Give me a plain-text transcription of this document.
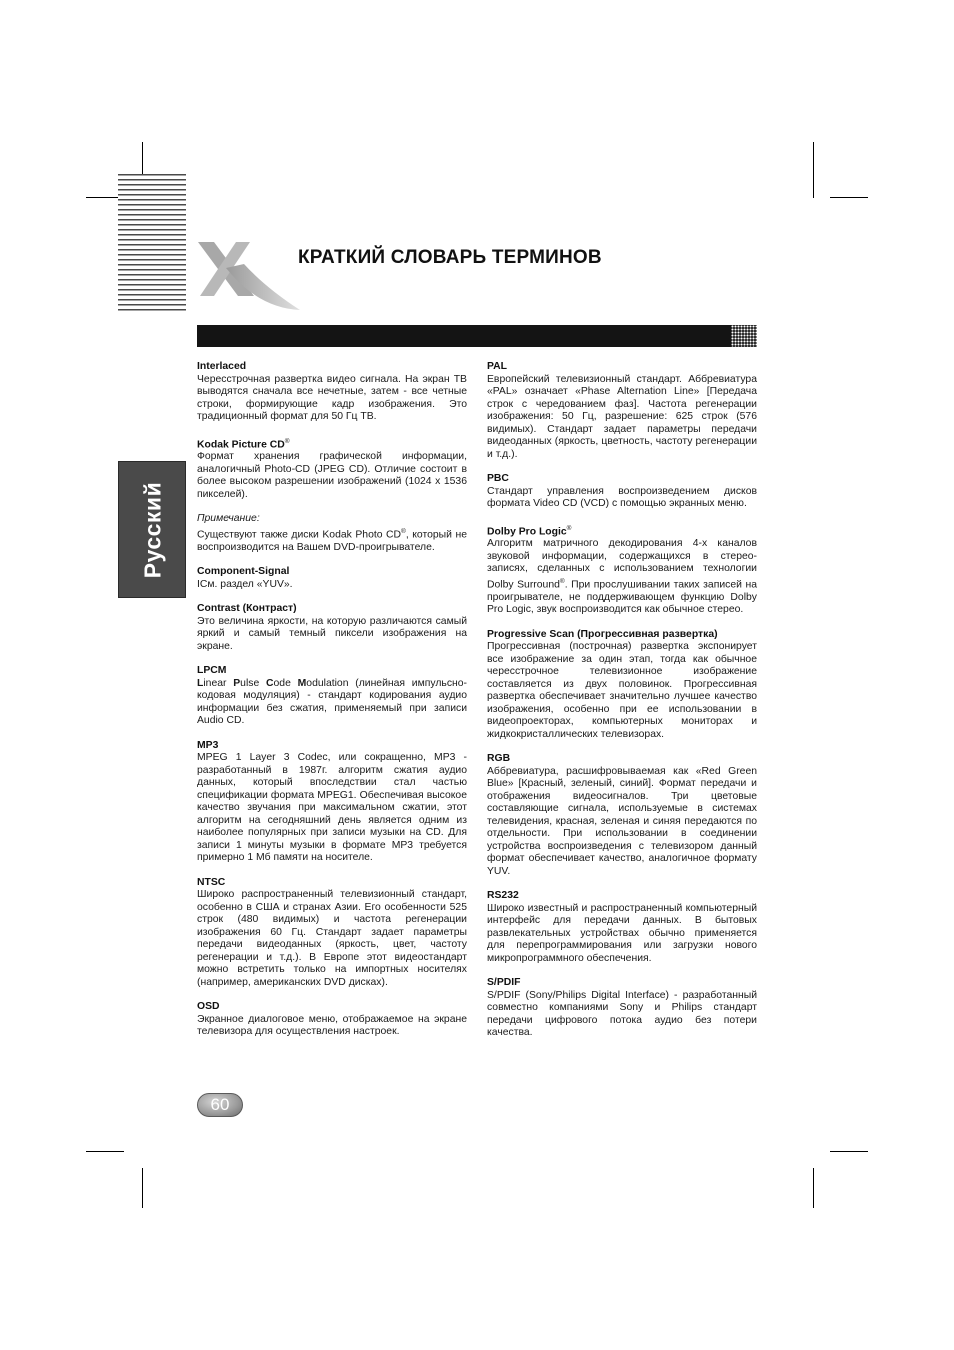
КРАТКИЙ СЛОВАРЬ ТЕРМИНОВ
Русский
Interlaced

Чересстрочная развертка видео сигнала. На экран ТВ выводятся сначала все нечетные, затем - все четные строки, формирующие кадр изображения. Это традиционный формат для 50 Гц ТВ.

Kodak Picture CD®

Формат хранения графической информации, аналогичный Photo-CD (JPEG CD). Отличие состоит в более высоком разрешении изображений (1024 х 1536 пикселей).

Примечание:

Существуют также диски Kodak Photo CD®, который не воспроизводится на Вашем DVD-проигрывателе.

Component-Signal

IСм. раздел «YUV».

Contrast (Контраст)

Это величина яркости, на которую различаются самый яркий и самый темный пиксели изображения на экране.

LPCM

Linear Pulse Code Modulation (линейная импульсно-кодовая модуляция) - стандарт кодирования аудио информации без сжатия, применяемый при записи Audio CD.

MP3

MPEG 1 Layer 3 Codec, или сокращенно, MP3 - разработанный в 1987г. алгоритм сжатия аудио данных, который впоследствии стал частью спецификации формата MPEG1. Обеспечивая высокое качество звучания при максимальном сжатии, этот алгоритм на сегодняшний день является одним из наиболее популярных при записи музыки на CD. Для записи 1 минуты музыки в формате MP3 требуется примерно 1 Мб памяти на носителе.

NTSC

Широко распространенный телевизионный стандарт, особенно в США и странах Азии. Его особенности 525 строк (480 видимых) и частота регенерации изображения 60 Гц. Стандарт задает параметры передачи видеоданных (яркость, цвет, частоту регенерации и т.д.). В Европе этот видеостандарт можно встретить только на импортных носителях (например, американских DVD дисках).

OSD

Экранное диалоговое меню, отображаемое на экране телевизора для осуществления настроек.

PAL

Европейский телевизионный стандарт. Аббревиатура «PAL» означает «Phase Alternation Line» [Передача строк с чередованием фаз]. Частота регенерации изображения: 50 Гц, разрешение: 625 строк (576 видимых). Стандарт задает параметры передачи видеоданных (яркость, цветность, частоту регенерации и т.д.).

PBC

Стандарт управления воспроизведением дисков формата Video CD (VCD) с помощью экранных меню.

Dolby Pro Logic®

Алгоритм матричного декодирования 4-х каналов звуковой информации, содержащихся в стерео-записях, сделанных с использованием технологии Dolby Surround®. При прослушивании таких записей на проигрывателе, не поддерживающем функцию Dolby Pro Logic, звук воспроизводится как обычное стерео.

Progressive Scan (Прогрессивная развертка)

Прогрессивная (построчная) развертка экспонирует все изображение за один этап, тогда как обычное чересстрочное телевизионное изображение составляется из двух половинок. Прогрессивная развертка обеспечивает значительно лучшее качество изображения, особенно при ее использовании в видеопроекторах, компьютерных мониторах и жидкокристаллических телевизорах.

RGB

Аббревиатура, расшифровываемая как «Red Green Blue» [Красный, зеленый, синий]. Формат передачи и отображения видеосигналов. Три цветовые составляющие сигнала, используемые в системах телевидения, красная, зеленая и синяя передаются по отдельности. При использовании в соединении устройства воспроизведения с телевизором данный формат обеспечивает качество, аналогичное формату YUV.

RS232

Широко известный и распространенный компьютерный интерфейс для передачи данных. В бытовых развлекательных устройствах обычно применяется для перепрограммирования или загрузки нового микропрограммного обеспечения.

S/PDIF

S/PDIF (Sony/Philips Digital Interface) - разработанный совместно компаниями Sony и Philips стандарт передачи цифрового потока аудио без потери качества.

60
